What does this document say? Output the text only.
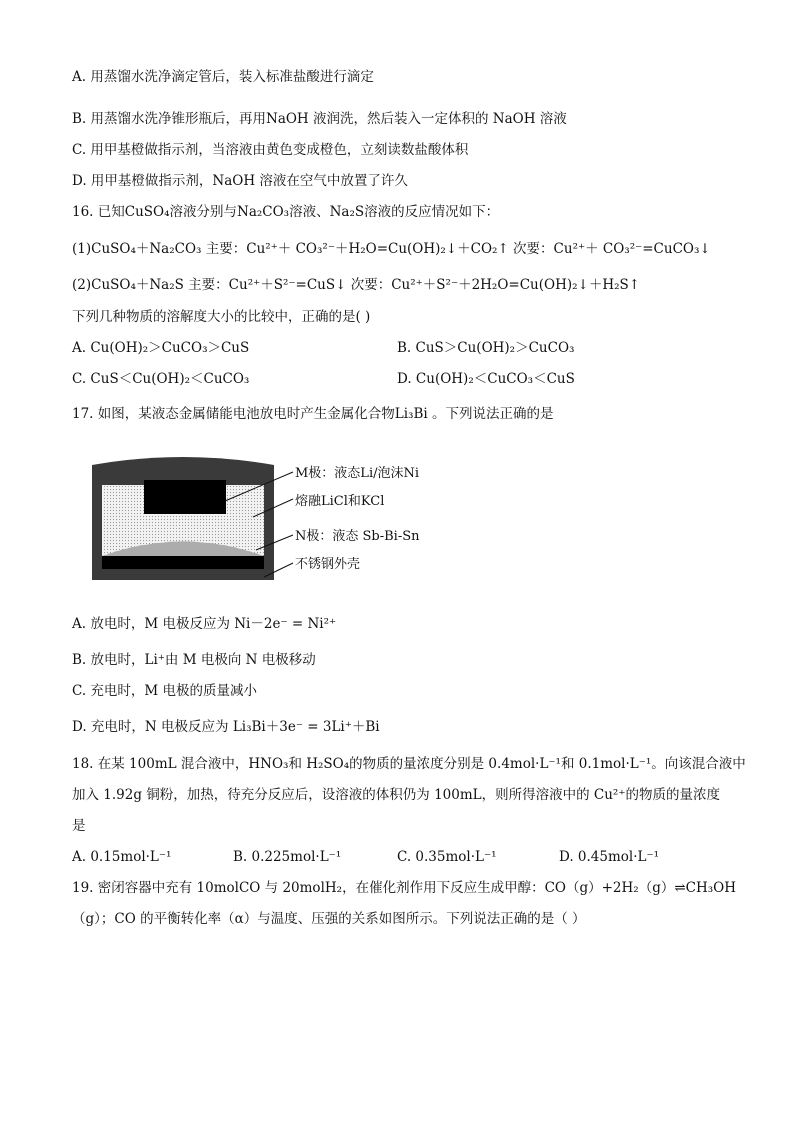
A. 用蒸馏水洗净滴定管后，装入标准盐酸进行滴定
B. 用蒸馏水洗净锥形瓶后，再用NaOH 液润洗，然后装入一定体积的 NaOH 溶液
C. 用甲基橙做指示剂，当溶液由黄色变成橙色，立刻读数盐酸体积
D. 用甲基橙做指示剂，NaOH 溶液在空气中放置了许久
16. 已知CuSO₄溶液分别与Na₂CO₃溶液、Na₂S溶液的反应情况如下：
(1)CuSO₄＋Na₂CO₃ 主要：Cu²⁺＋ CO₃²⁻＋H₂O=Cu(OH)₂↓＋CO₂↑ 次要：Cu²⁺＋ CO₃²⁻=CuCO₃↓
(2)CuSO₄＋Na₂S 主要：Cu²⁺＋S²⁻=CuS↓ 次要：Cu²⁺＋S²⁻＋2H₂O=Cu(OH)₂↓＋H₂S↑
下列几种物质的溶解度大小的比较中，正确的是( )
A. Cu(OH)₂＞CuCO₃＞CuS	B. CuS＞Cu(OH)₂＞CuCO₃
C. CuS＜Cu(OH)₂＜CuCO₃	D. Cu(OH)₂＜CuCO₃＜CuS
17. 如图，某液态金属储能电池放电时产生金属化合物Li₃Bi 。下列说法正确的是
M极：液态Li/泡沫Ni
熔融LiCl和KCl
N极：液态 Sb-Bi-Sn
不锈钢外壳
A. 放电时，M 电极反应为 Ni－2e⁻ = Ni²⁺
B. 放电时，Li⁺由 M 电极向 N 电极移动
C. 充电时，M 电极的质量减小
D. 充电时，N 电极反应为 Li₃Bi＋3e⁻ = 3Li⁺＋Bi
18. 在某 100mL 混合液中，HNO₃和 H₂SO₄的物质的量浓度分别是 0.4mol·L⁻¹和 0.1mol·L⁻¹。向该混合液中
加入 1.92g 铜粉，加热，待充分反应后，设溶液的体积仍为 100mL，则所得溶液中的 Cu²⁺的物质的量浓度
是
A. 0.15mol·L⁻¹	B. 0.225mol·L⁻¹	C. 0.35mol·L⁻¹	D. 0.45mol·L⁻¹
19. 密闭容器中充有 10molCO 与 20molH₂，在催化剂作用下反应生成甲醇：CO（g）+2H₂（g）⇌CH₃OH
（g）；CO 的平衡转化率（α）与温度、压强的关系如图所示。下列说法正确的是（ ）
